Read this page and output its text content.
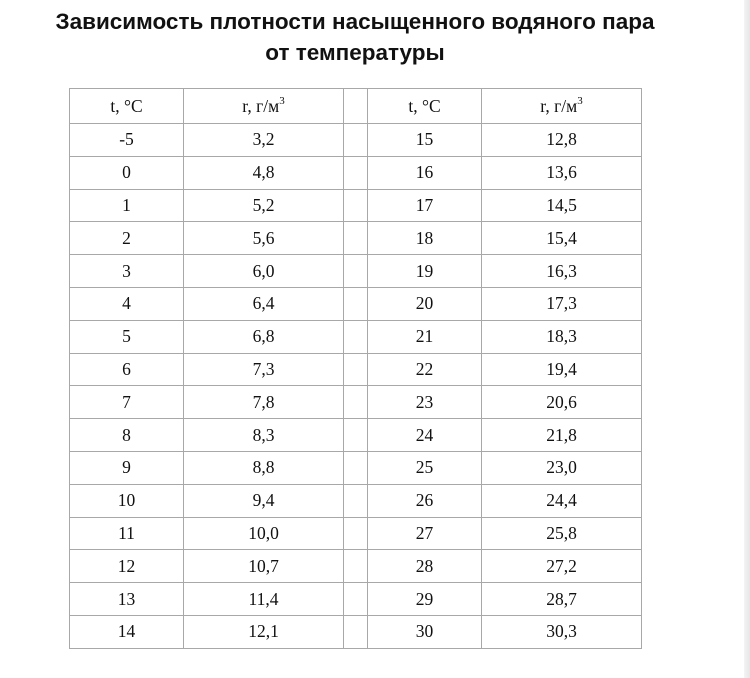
Зависимость плотности насыщенного водяного пара
от температуры
t, °C	r, $г/м^3$		t, °C	r, $г/м^3$
-5	3,2		15	12,8
0	4,8		16	13,6
1	5,2		17	14,5
2	5,6		18	15,4
3	6,0		19	16,3
4	6,4		20	17,3
5	6,8		21	18,3
6	7,3		22	19,4
7	7,8		23	20,6
8	8,3		24	21,8
9	8,8		25	23,0
10	9,4		26	24,4
11	10,0		27	25,8
12	10,7		28	27,2
13	11,4		29	28,7
14	12,1		30	30,3
